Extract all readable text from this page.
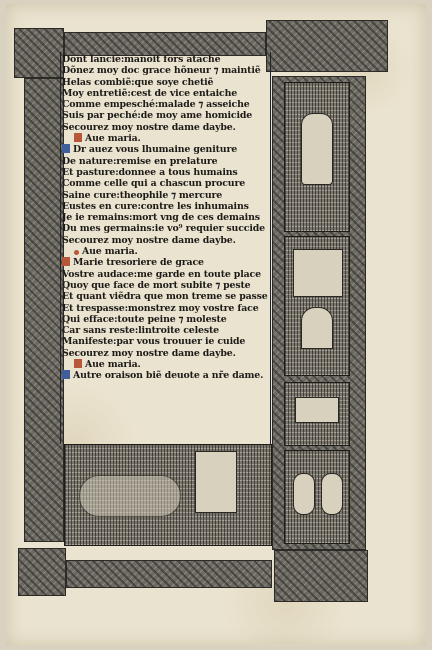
Dont lanciẽ:manoit fors atache
Dõnez moy doc grace hõneur ⁊ maintiẽ
Helas combiẽ:que soye chetiẽ
Moy entretiẽ:cest de vice entaiche
Comme empesché:malade ⁊ asseiche
Suis par peché:de moy ame homicide
Secourez moy nostre dame daybe.
Aue maria.
Dr auez vous lhumaine geniture
De nature:remise en prelature
Et pasture:donnee a tous humains
Comme celle qui a chascun procure
Saine cure:theophile ⁊ mercure
Eustes en cure:contre les inhumains
Je ie remains:mort vng de ces demains
Du mes germains:ie vo⁹ requier succide
Secourez moy nostre dame daybe.
Aue maria.
Marie tresoriere de grace
Vostre audace:me garde en toute place
Quoy que face de mort subite ⁊ peste
Et quant viẽdra que mon treme se passe
Et trespasse:monstrez moy vostre face
Qui efface:toute peine ⁊ moleste
Car sans reste:lintroite celeste
Manifeste:par vous trouuer ie cuide
Secourez moy nostre dame daybe.
Aue maria.
Autre oraison biẽ deuote a nr̃e dame.
